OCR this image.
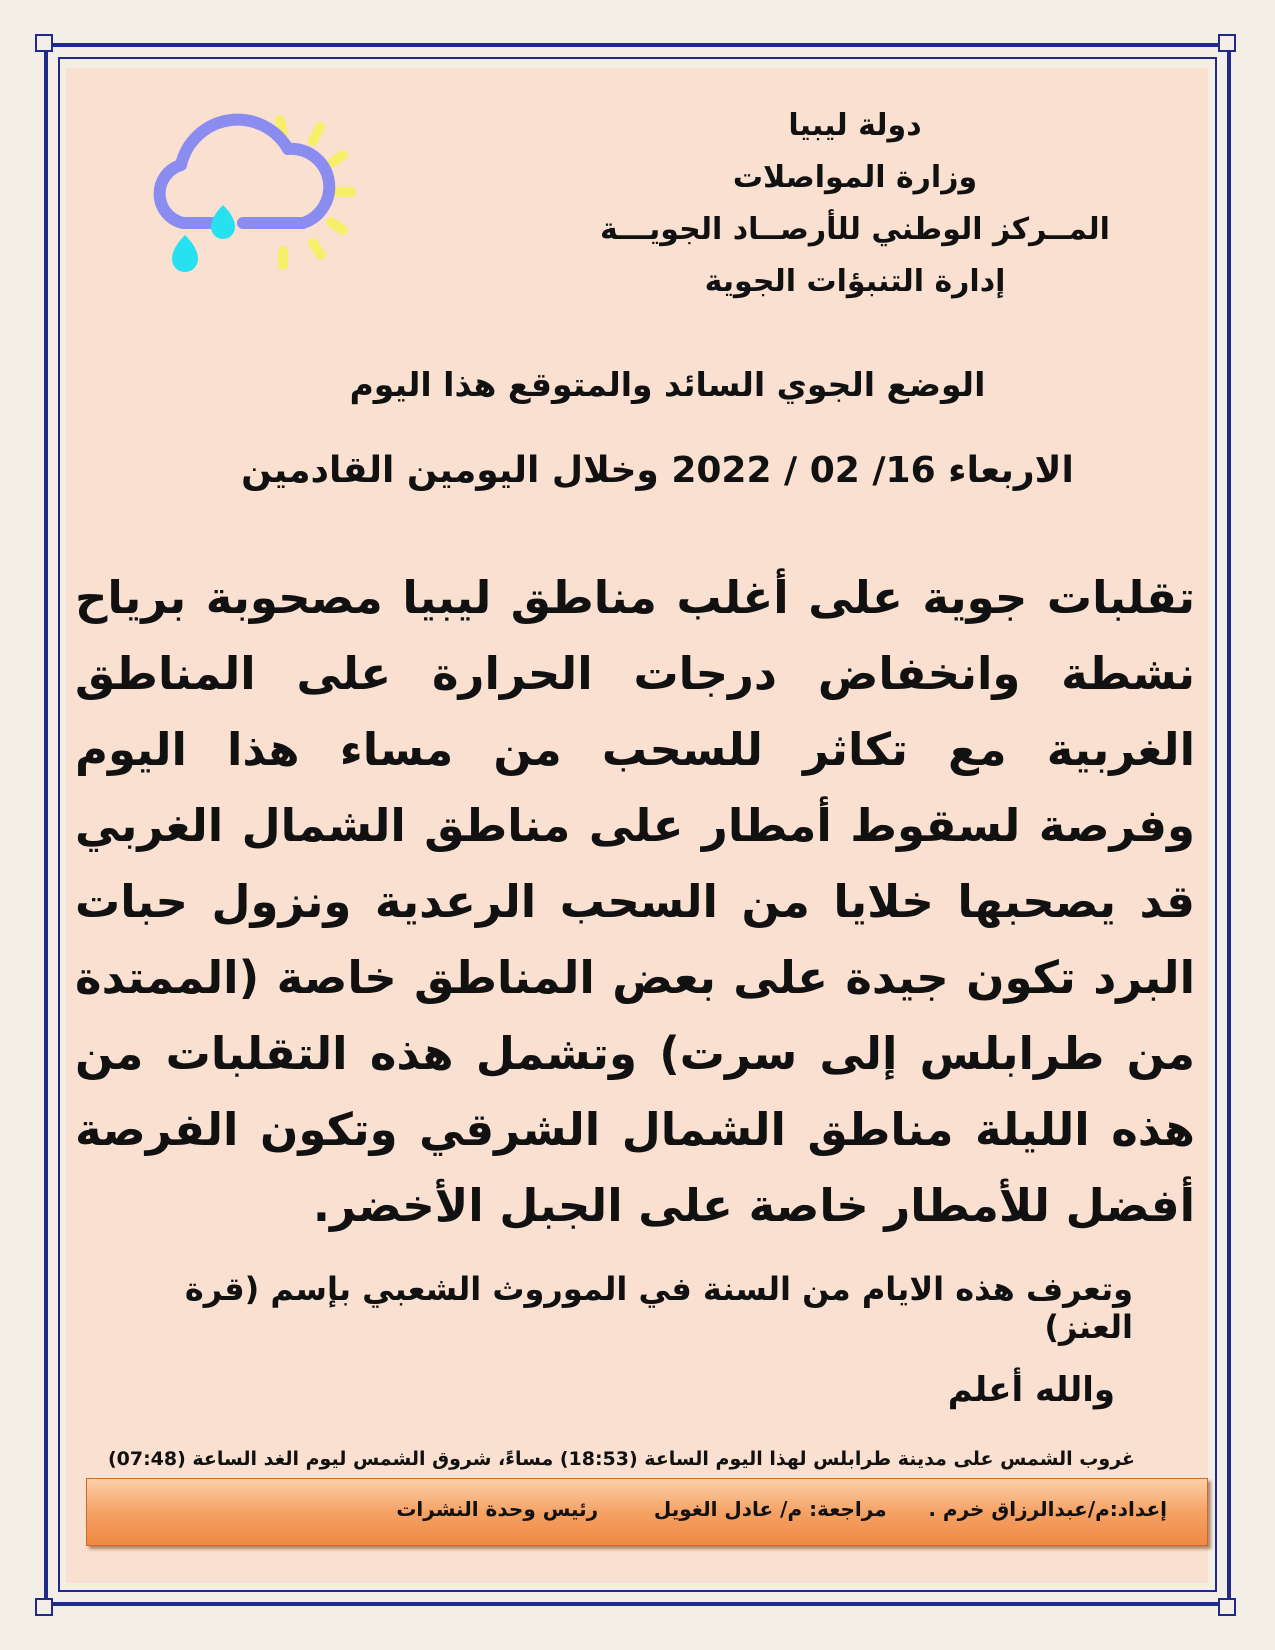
دولة ليبيا
وزارة المواصلات
المــركز الوطني للأرصــاد الجويـــة
إدارة التنبؤات الجوية
الوضع الجوي السائد والمتوقع هذا اليوم
الاربعاء 16/ 02 / 2022 وخلال اليومين القادمين
تقلبات جوية على أغلب مناطق ليبيا مصحوبة برياح نشطة وانخفاض درجات الحرارة على المناطق الغربية مع تكاثر للسحب من مساء هذا اليوم وفرصة لسقوط أمطار على مناطق الشمال الغربي قد يصحبها خلايا من السحب الرعدية ونزول حبات البرد تكون جيدة على بعض المناطق خاصة (الممتدة من طرابلس إلى سرت) وتشمل هذه التقلبات من هذه الليلة مناطق الشمال الشرقي وتكون الفرصة أفضل للأمطار خاصة على الجبل الأخضر.
وتعرف هذه الايام من السنة في الموروث الشعبي بإسم (قرة العنز)
والله أعلم
غروب الشمس على مدينة طرابلس لهذا اليوم الساعة (18:53) مساءً، شروق الشمس ليوم الغد الساعة (07:48)
إعداد:م/عبدالرزاق خرم .      مراجعة: م/ عادل الغويل        رئيس وحدة النشرات
